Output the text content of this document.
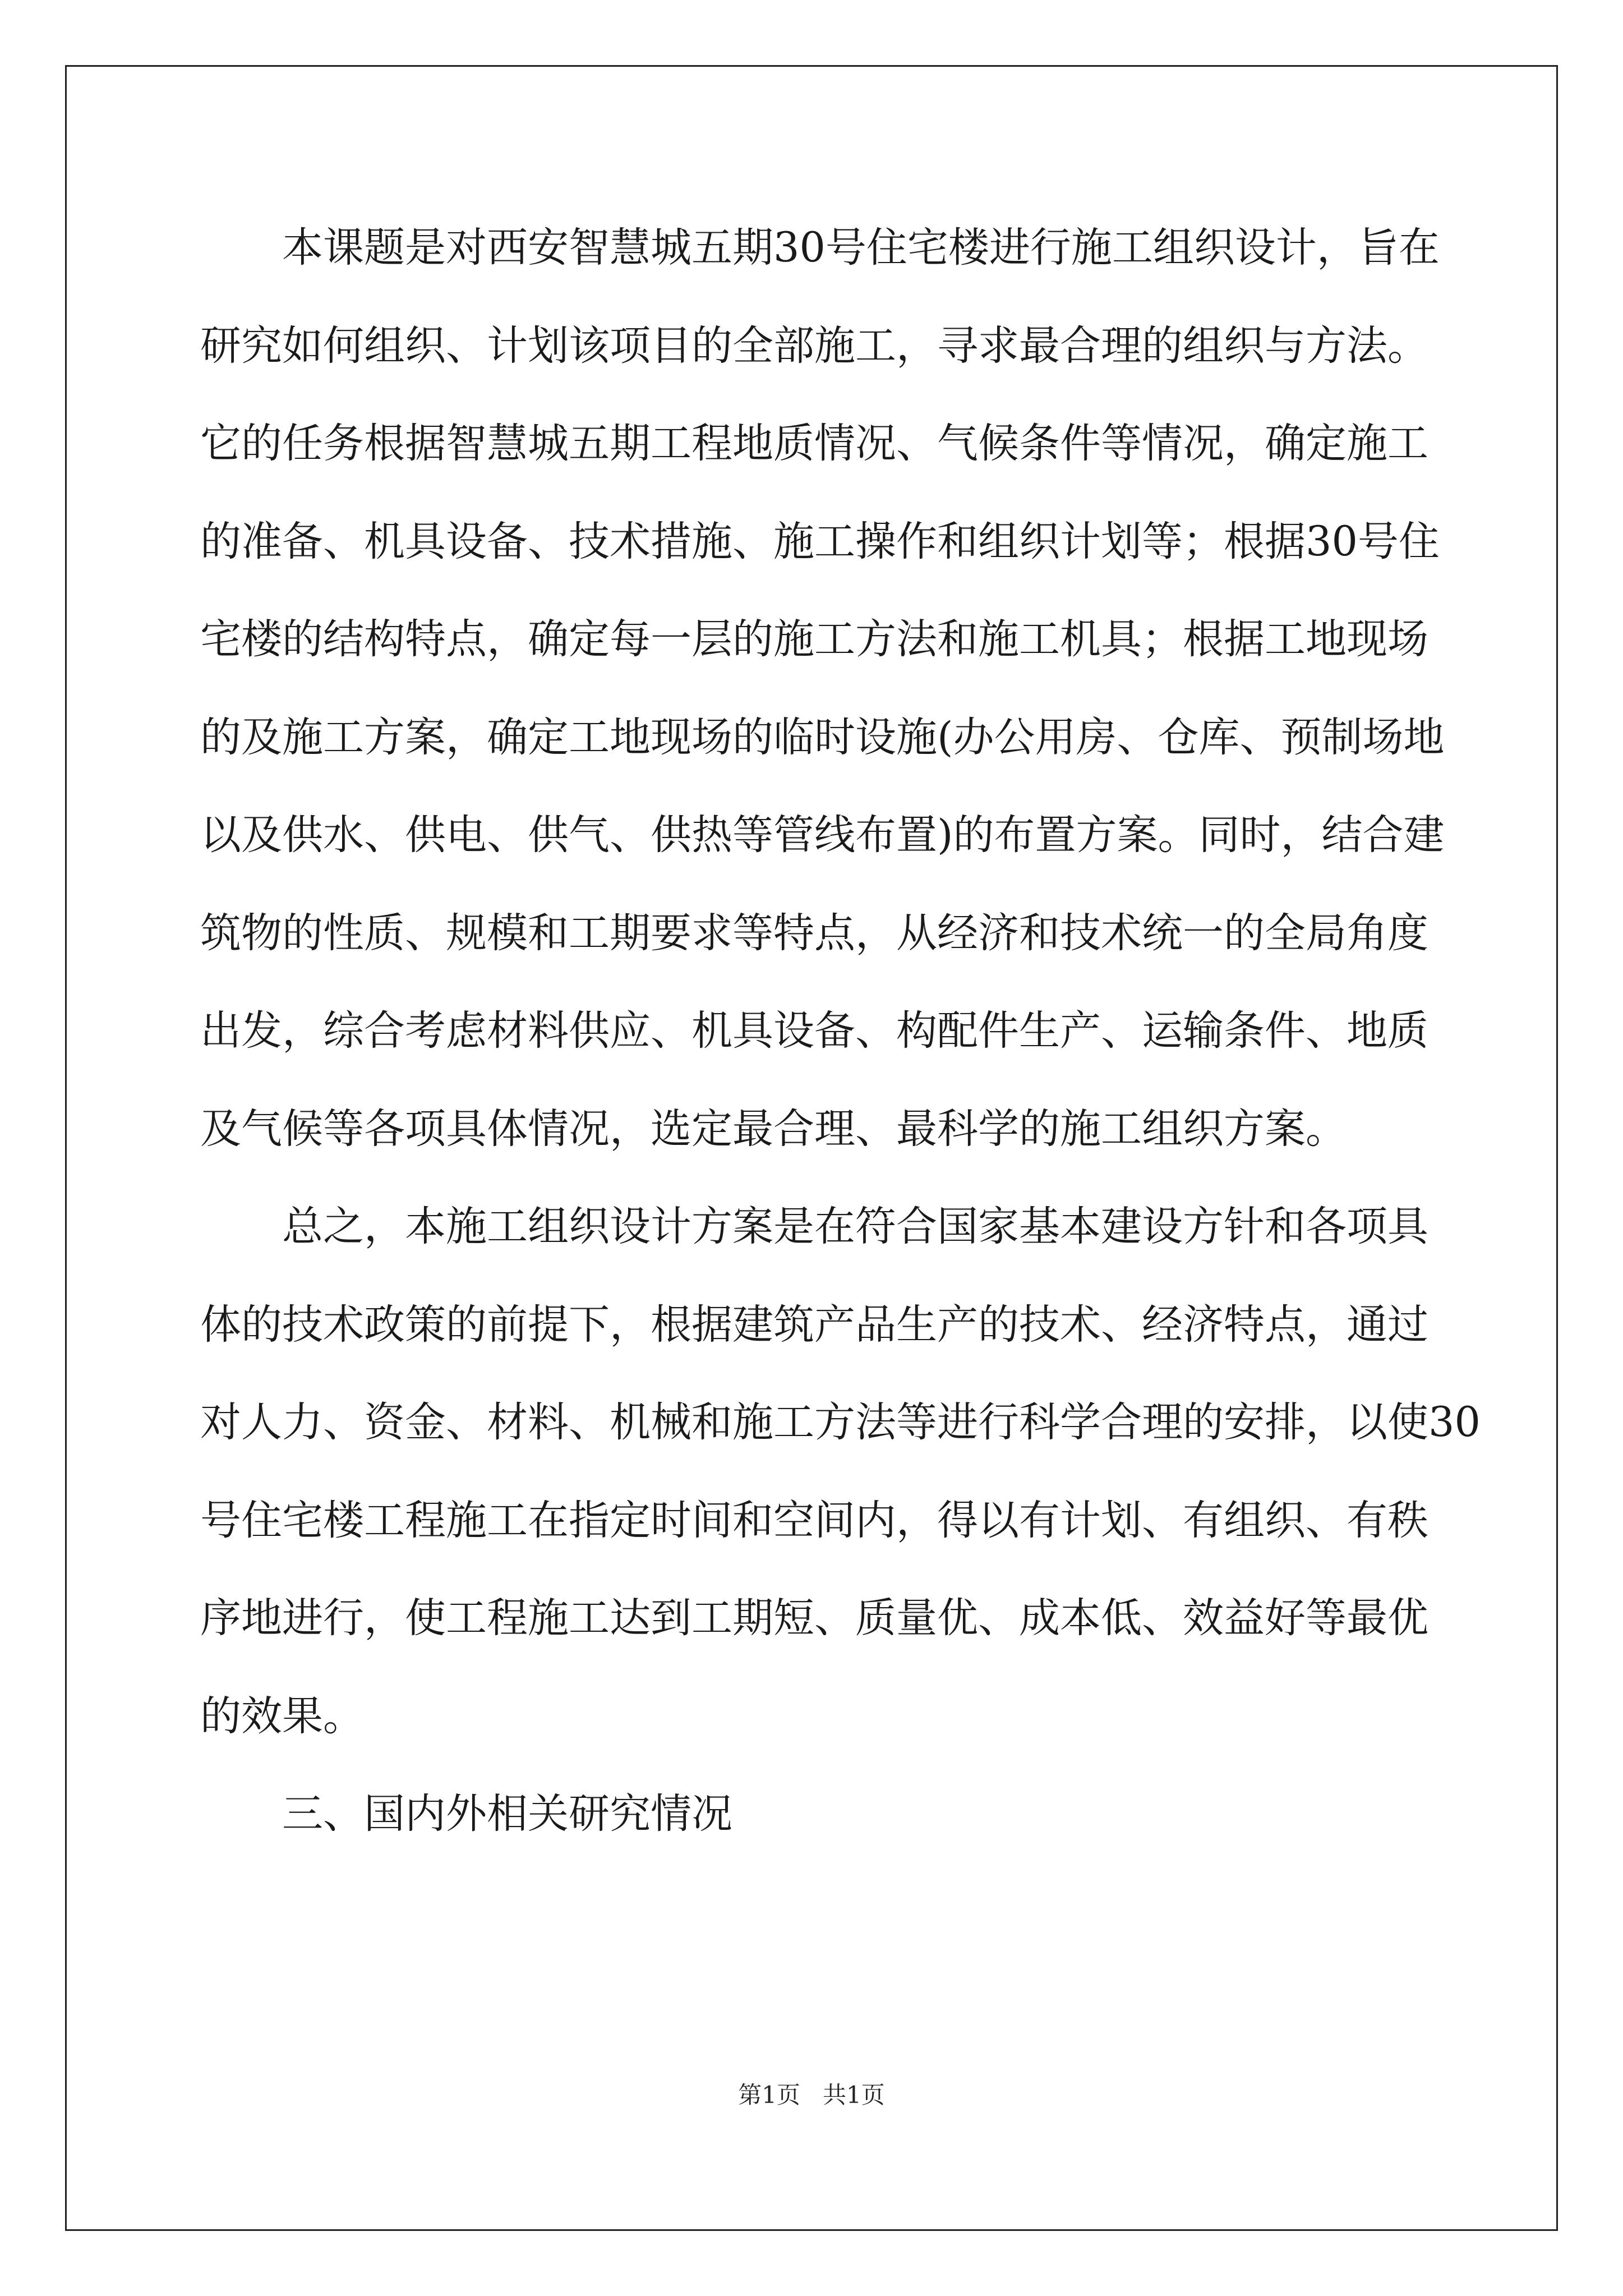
本课题是对西安智慧城五期30号住宅楼进行施工组织设计，旨在
研究如何组织、计划该项目的全部施工，寻求最合理的组织与方法。
它的任务根据智慧城五期工程地质情况、气候条件等情况，确定施工
的准备、机具设备、技术措施、施工操作和组织计划等；根据30号住
宅楼的结构特点，确定每一层的施工方法和施工机具；根据工地现场
的及施工方案，确定工地现场的临时设施(办公用房、仓库、预制场地
以及供水、供电、供气、供热等管线布置)的布置方案。同时，结合建
筑物的性质、规模和工期要求等特点，从经济和技术统一的全局角度
出发，综合考虑材料供应、机具设备、构配件生产、运输条件、地质
及气候等各项具体情况，选定最合理、最科学的施工组织方案。
总之，本施工组织设计方案是在符合国家基本建设方针和各项具
体的技术政策的前提下，根据建筑产品生产的技术、经济特点，通过
对人力、资金、材料、机械和施工方法等进行科学合理的安排，以使30
号住宅楼工程施工在指定时间和空间内，得以有计划、有组织、有秩
序地进行，使工程施工达到工期短、质量优、成本低、效益好等最优
的效果。
三、国内外相关研究情况
第1页   共1页
